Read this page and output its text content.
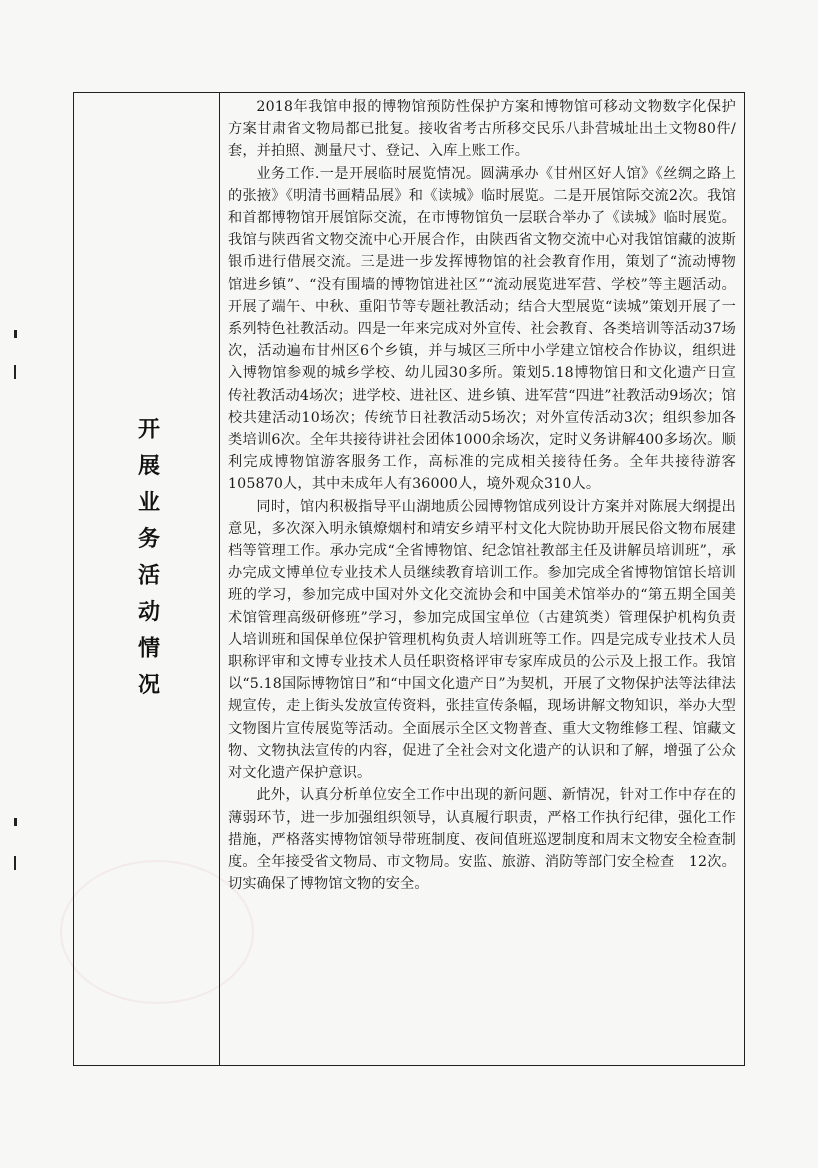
开展业务活动情况

2018年我馆申报的博物馆预防性保护方案和博物馆可移动文物数字化保护方案甘肃省文物局都已批复。接收省考古所移交民乐八卦营城址出土文物80件/套，并拍照、测量尺寸、登记、入库上账工作。

业务工作.一是开展临时展览情况。圆满承办《甘州区好人馆》《丝绸之路上的张掖》《明清书画精品展》和《读城》临时展览。二是开展馆际交流2次。我馆和首都博物馆开展馆际交流，在市博物馆负一层联合举办了《读城》临时展览。我馆与陕西省文物交流中心开展合作，由陕西省文物交流中心对我馆馆藏的波斯银币进行借展交流。三是进一步发挥博物馆的社会教育作用，策划了“流动博物馆进乡镇”、“没有围墙的博物馆进社区”“流动展览进军营、学校”等主题活动。开展了端午、中秋、重阳节等专题社教活动；结合大型展览“读城”策划开展了一系列特色社教活动。四是一年来完成对外宣传、社会教育、各类培训等活动37场次，活动遍布甘州区6个乡镇，并与城区三所中小学建立馆校合作协议，组织进入博物馆参观的城乡学校、幼儿园30多所。策划5.18博物馆日和文化遗产日宣传社教活动4场次；进学校、进社区、进乡镇、进军营“四进”社教活动9场次；馆校共建活动10场次；传统节日社教活动5场次；对外宣传活动3次；组织参加各类培训6次。全年共接待讲社会团体1000余场次，定时义务讲解400多场次。顺利完成博物馆游客服务工作，高标准的完成相关接待任务。全年共接待游客105870人，其中未成年人有36000人，境外观众310人。

同时，馆内积极指导平山湖地质公园博物馆成列设计方案并对陈展大纲提出意见，多次深入明永镇燎烟村和靖安乡靖平村文化大院协助开展民俗文物布展建档等管理工作。承办完成“全省博物馆、纪念馆社教部主任及讲解员培训班”，承办完成文博单位专业技术人员继续教育培训工作。参加完成全省博物馆馆长培训班的学习，参加完成中国对外文化交流协会和中国美术馆举办的“第五期全国美术馆管理高级研修班”学习，参加完成国宝单位（古建筑类）管理保护机构负责人培训班和国保单位保护管理机构负责人培训班等工作。四是完成专业技术人员职称评审和文博专业技术人员任职资格评审专家库成员的公示及上报工作。我馆以“5.18国际博物馆日”和“中国文化遗产日”为契机，开展了文物保护法等法律法规宣传，走上街头发放宣传资料，张挂宣传条幅，现场讲解文物知识，举办大型文物图片宣传展览等活动。全面展示全区文物普查、重大文物维修工程、馆藏文物、文物执法宣传的内容，促进了全社会对文化遗产的认识和了解，增强了公众对文化遗产保护意识。

此外，认真分析单位安全工作中出现的新问题、新情况，针对工作中存在的薄弱环节，进一步加强组织领导，认真履行职责，严格工作执行纪律，强化工作措施，严格落实博物馆领导带班制度、夜间值班巡逻制度和周末文物安全检查制度。全年接受省文物局、市文物局。安监、旅游、消防等部门安全检查　12次。切实确保了博物馆文物的安全。
